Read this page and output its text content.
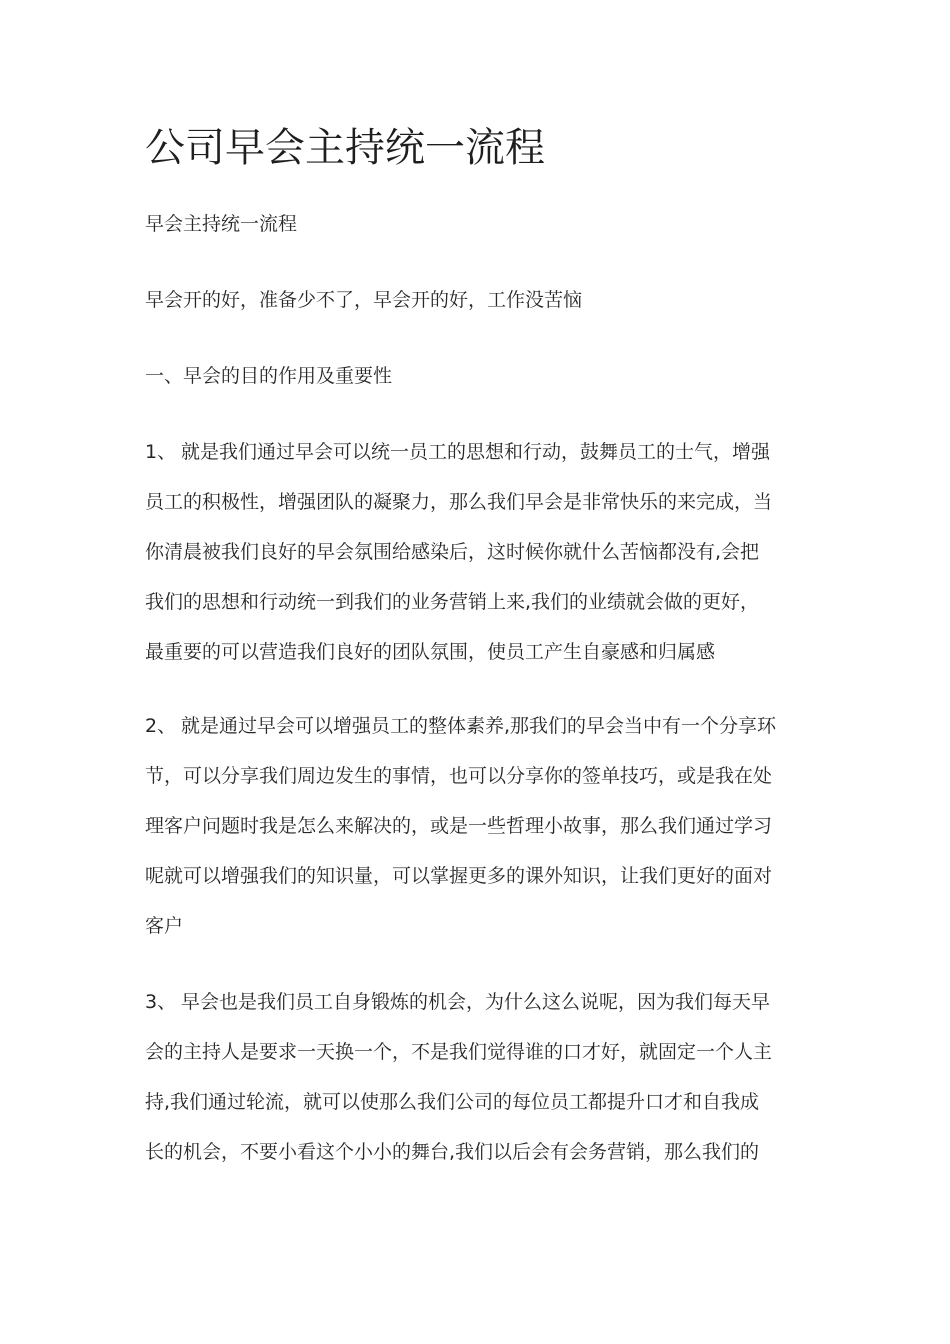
公司早会主持统一流程

早会主持统一流程

早会开的好，准备少不了，早会开的好，工作没苦恼

一、早会的目的作用及重要性

1、 就是我们通过早会可以统一员工的思想和行动，鼓舞员工的士气，增强

员工的积极性，增强团队的凝聚力，那么我们早会是非常快乐的来完成，当

你清晨被我们良好的早会氛围给感染后，这时候你就什么苦恼都没有,会把

我们的思想和行动统一到我们的业务营销上来,我们的业绩就会做的更好，

最重要的可以营造我们良好的团队氛围，使员工产生自豪感和归属感

2、 就是通过早会可以增强员工的整体素养,那我们的早会当中有一个分享环

节，可以分享我们周边发生的事情，也可以分享你的签单技巧，或是我在处

理客户问题时我是怎么来解决的，或是一些哲理小故事，那么我们通过学习

呢就可以增强我们的知识量，可以掌握更多的课外知识，让我们更好的面对

客户

3、 早会也是我们员工自身锻炼的机会，为什么这么说呢，因为我们每天早

会的主持人是要求一天换一个，不是我们觉得谁的口才好，就固定一个人主

持,我们通过轮流，就可以使那么我们公司的每位员工都提升口才和自我成

长的机会，不要小看这个小小的舞台,我们以后会有会务营销，那么我们的
